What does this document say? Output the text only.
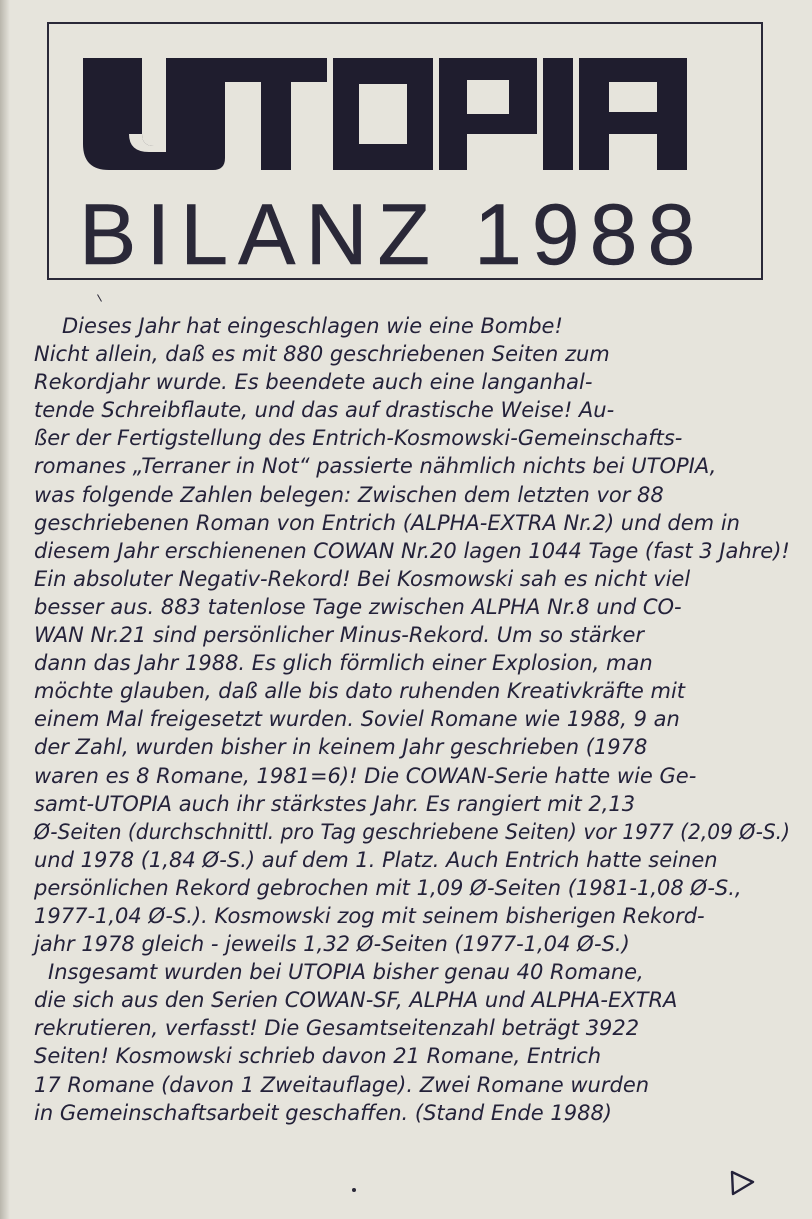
BILANZ 1988
Dieses Jahr hat eingeschlagen wie eine Bombe!
Nicht allein, daß es mit 880 geschriebenen Seiten zum
Rekordjahr wurde. Es beendete auch eine langanhal-
tende Schreibflaute, und das auf drastische Weise! Au-
ßer der Fertigstellung des Entrich-Kosmowski-Gemeinschafts-
romanes „Terraner in Not“ passierte nähmlich nichts bei UTOPIA,
was folgende Zahlen belegen: Zwischen dem letzten vor 88
geschriebenen Roman von Entrich (ALPHA-EXTRA Nr.2) und dem in
diesem Jahr erschienenen COWAN Nr.20 lagen 1044 Tage (fast 3 Jahre)!
Ein absoluter Negativ-Rekord! Bei Kosmowski sah es nicht viel
besser aus. 883 tatenlose Tage zwischen ALPHA Nr.8 und CO-
WAN Nr.21 sind persönlicher Minus-Rekord. Um so stärker
dann das Jahr 1988. Es glich förmlich einer Explosion, man
möchte glauben, daß alle bis dato ruhenden Kreativkräfte mit
einem Mal freigesetzt wurden. Soviel Romane wie 1988, 9 an
der Zahl, wurden bisher in keinem Jahr geschrieben (1978
waren es 8 Romane, 1981=6)! Die COWAN-Serie hatte wie Ge-
samt-UTOPIA auch ihr stärkstes Jahr. Es rangiert mit 2,13
Ø-Seiten (durchschnittl. pro Tag geschriebene Seiten) vor 1977 (2,09 Ø-S.)
und 1978 (1,84 Ø-S.) auf dem 1. Platz. Auch Entrich hatte seinen
persönlichen Rekord gebrochen mit 1,09 Ø-Seiten (1981-1,08 Ø-S.,
1977-1,04 Ø-S.). Kosmowski zog mit seinem bisherigen Rekord-
jahr 1978 gleich - jeweils 1,32 Ø-Seiten (1977-1,04 Ø-S.)
Insgesamt wurden bei UTOPIA bisher genau 40 Romane,
die sich aus den Serien COWAN-SF, ALPHA und ALPHA-EXTRA
rekrutieren, verfasst! Die Gesamtseitenzahl beträgt 3922
Seiten! Kosmowski schrieb davon 21 Romane, Entrich
17 Romane (davon 1 Zweitauflage). Zwei Romane wurden
in Gemeinschaftsarbeit geschaffen. (Stand Ende 1988)
